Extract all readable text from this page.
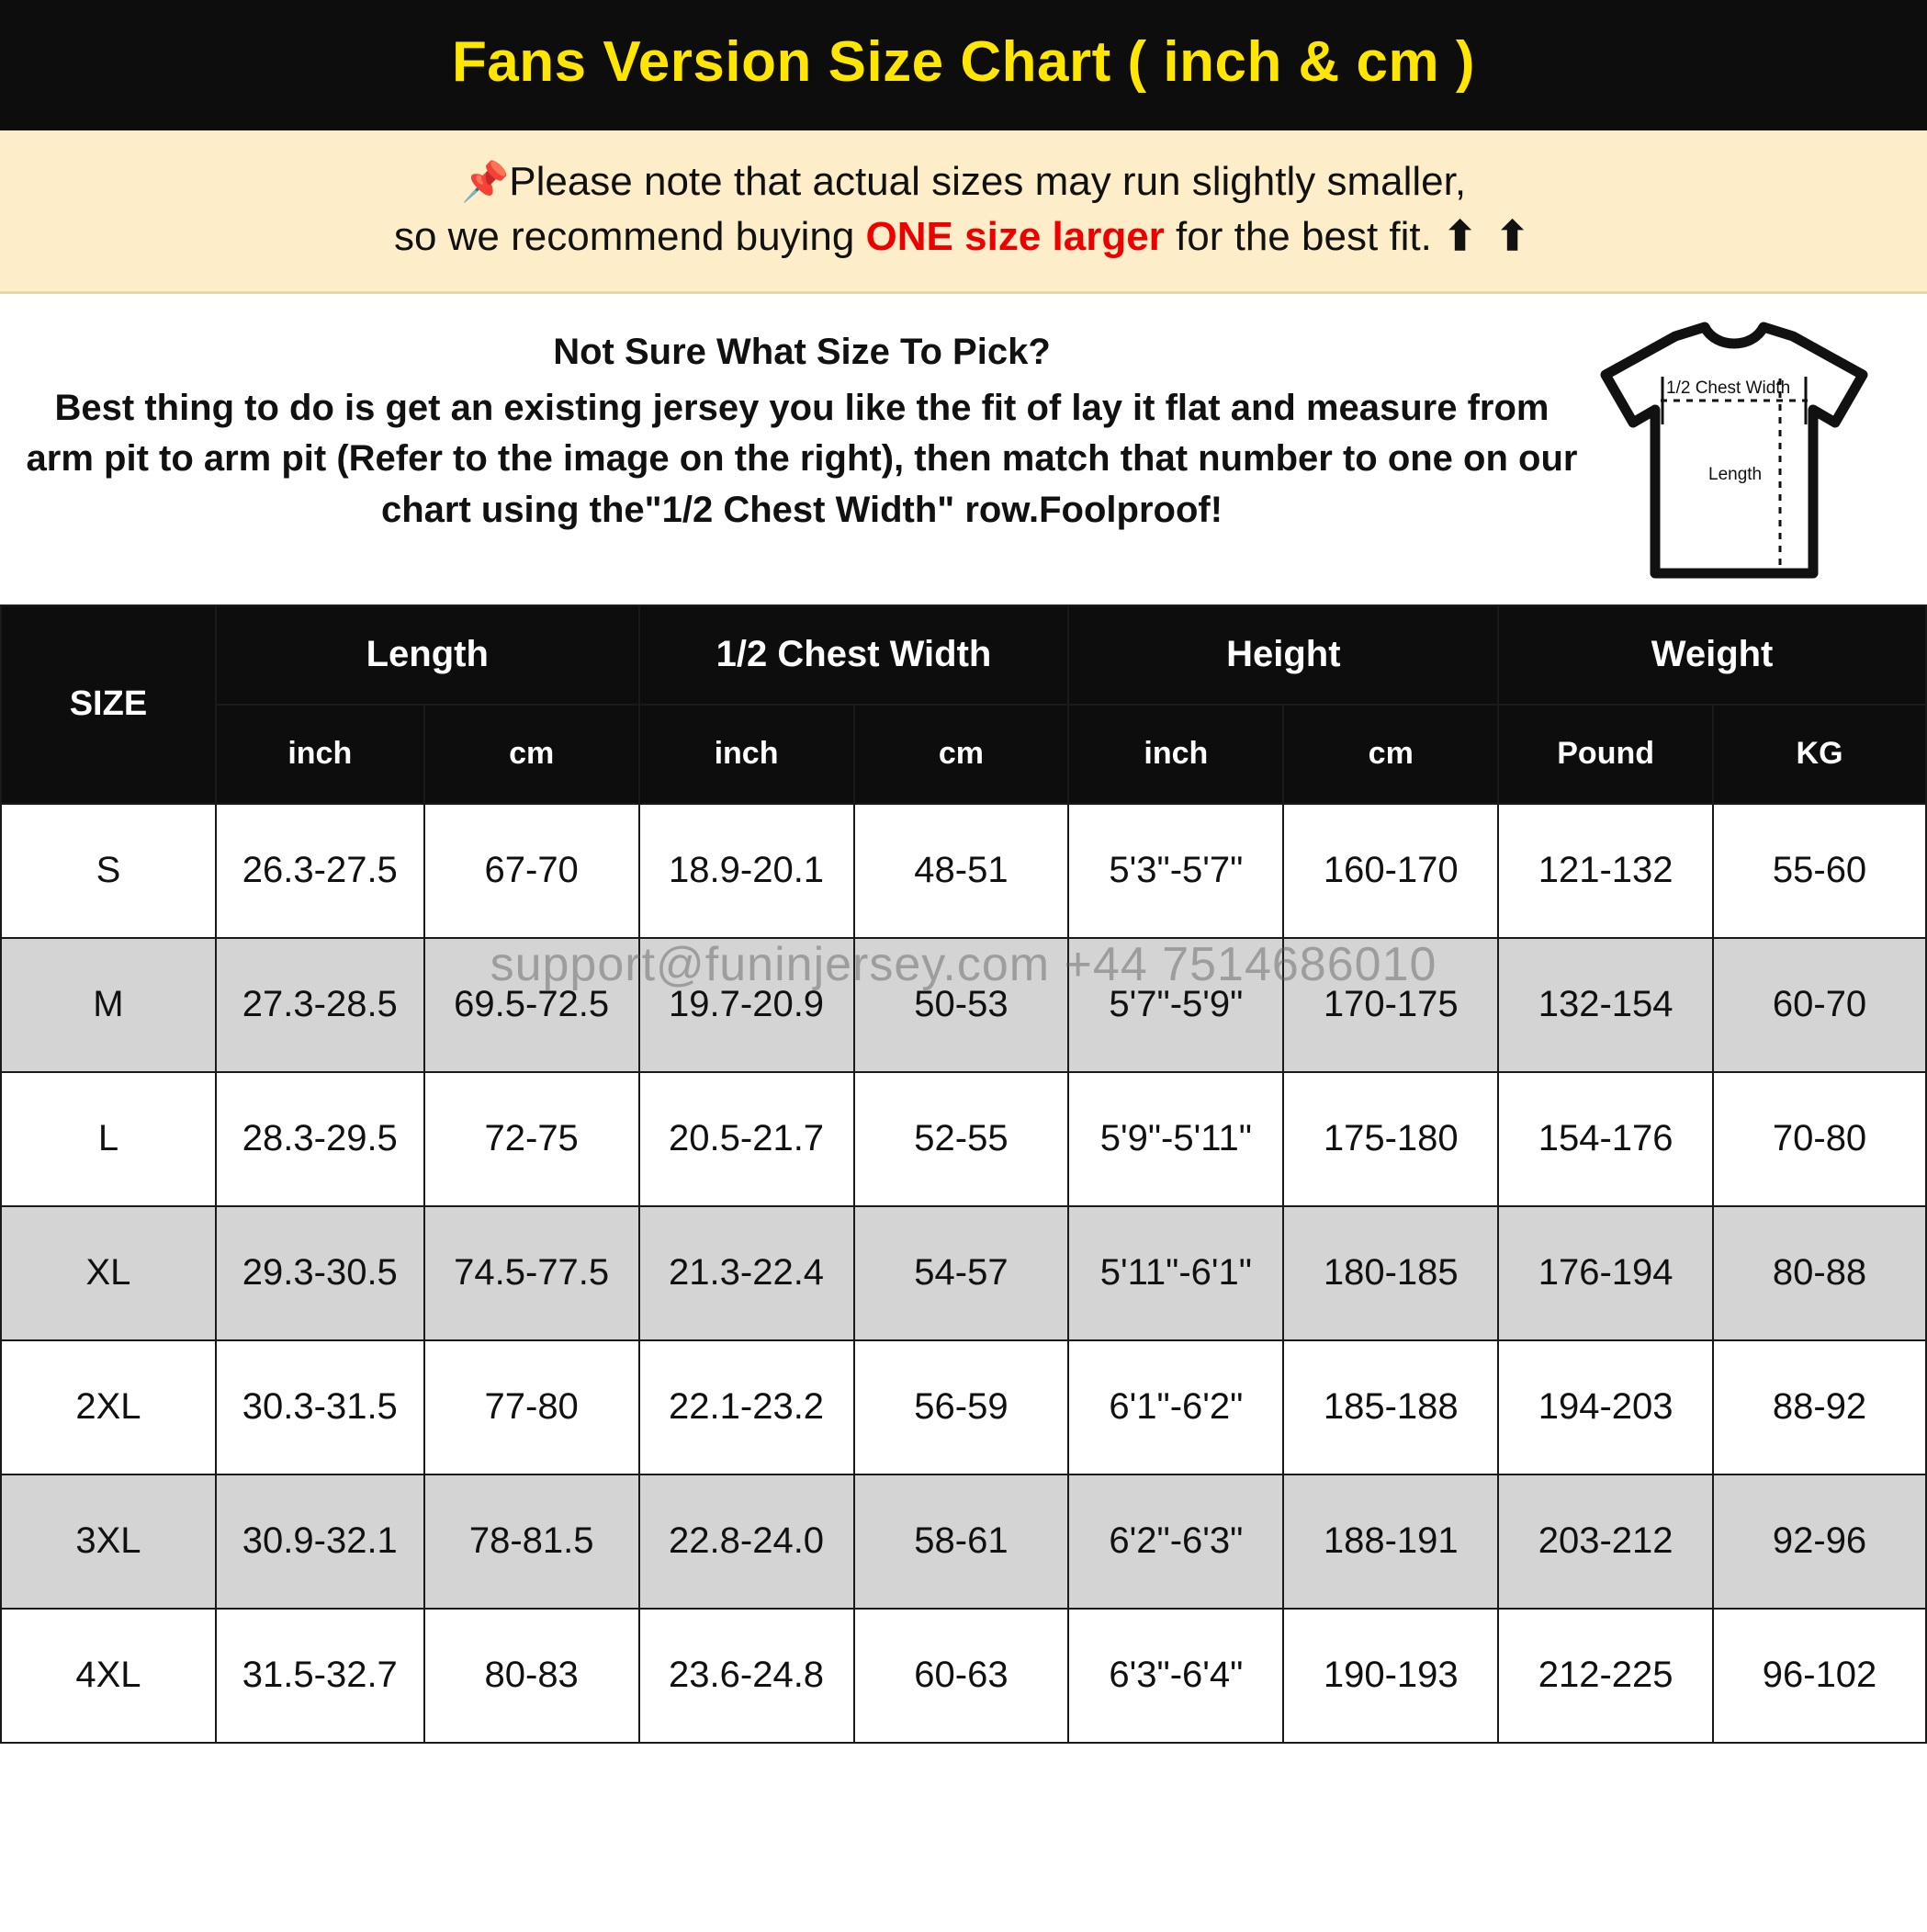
Fans Version Size Chart ( inch & cm )
📌Please note that actual sizes may run slightly smaller,
so we recommend buying ONE size larger for the best fit. ⬆ ⬆
Not Sure What Size To Pick?
Best thing to do is get an existing jersey you like the fit of lay it flat and measure from arm pit to arm pit (Refer to the image on the right), then match that number to one on our chart using the"1/2 Chest Width" row.Foolproof!
1/2 Chest Width
Length
SIZE	Length		1/2 Chest Width		Height		Weight	
	inch	cm	inch	cm	inch	cm	Pound	KG
S	26.3-27.5	67-70	18.9-20.1	48-51	5'3"-5'7"	160-170	121-132	55-60
M	27.3-28.5	69.5-72.5	19.7-20.9	50-53	5'7"-5'9"	170-175	132-154	60-70
L	28.3-29.5	72-75	20.5-21.7	52-55	5'9"-5'11"	175-180	154-176	70-80
XL	29.3-30.5	74.5-77.5	21.3-22.4	54-57	5'11"-6'1"	180-185	176-194	80-88
2XL	30.3-31.5	77-80	22.1-23.2	56-59	6'1"-6'2"	185-188	194-203	88-92
3XL	30.9-32.1	78-81.5	22.8-24.0	58-61	6'2"-6'3"	188-191	203-212	92-96
4XL	31.5-32.7	80-83	23.6-24.8	60-63	6'3"-6'4"	190-193	212-225	96-102
support@funinjersey.com +44 7514686010
